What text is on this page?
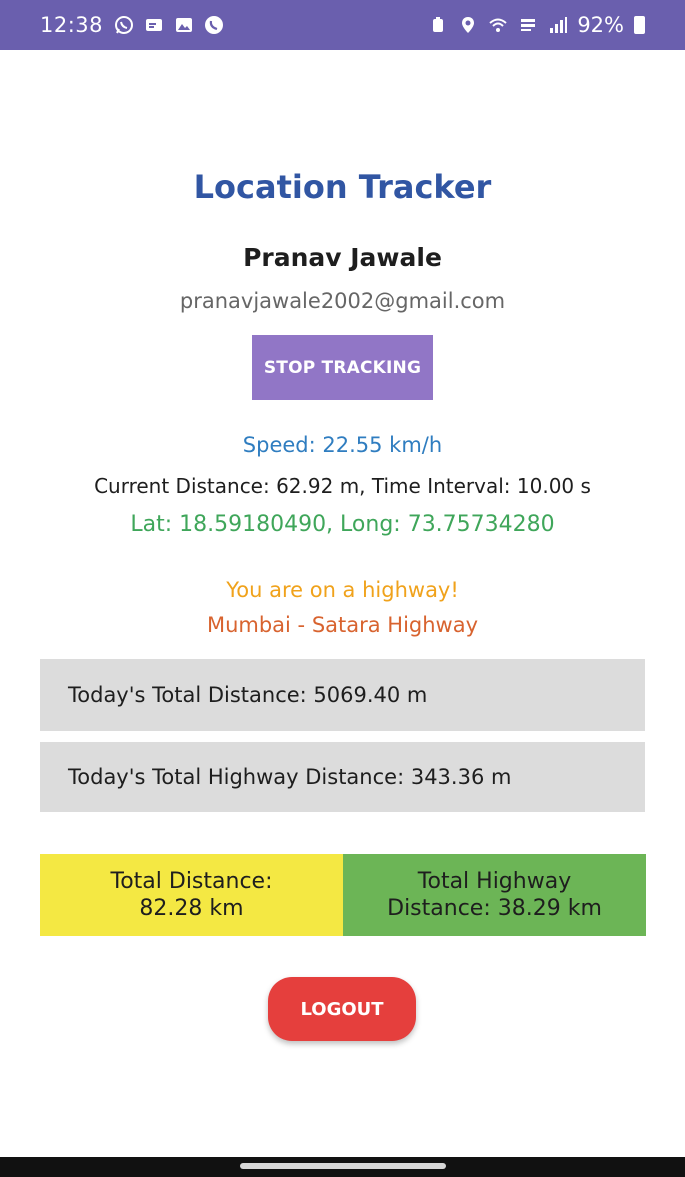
12:38	92%
Location Tracker
Pranav Jawale
pranavjawale2002@gmail.com
STOP TRACKING
Speed: 22.55 km/h
Current Distance: 62.92 m, Time Interval: 10.00 s
Lat: 18.59180490, Long: 73.75734280
You are on a highway!
Mumbai - Satara Highway
Today's Total Distance: 5069.40 m
Today's Total Highway Distance: 343.36 m
Total Distance:
82.28 km
Total Highway
Distance: 38.29 km
LOGOUT
